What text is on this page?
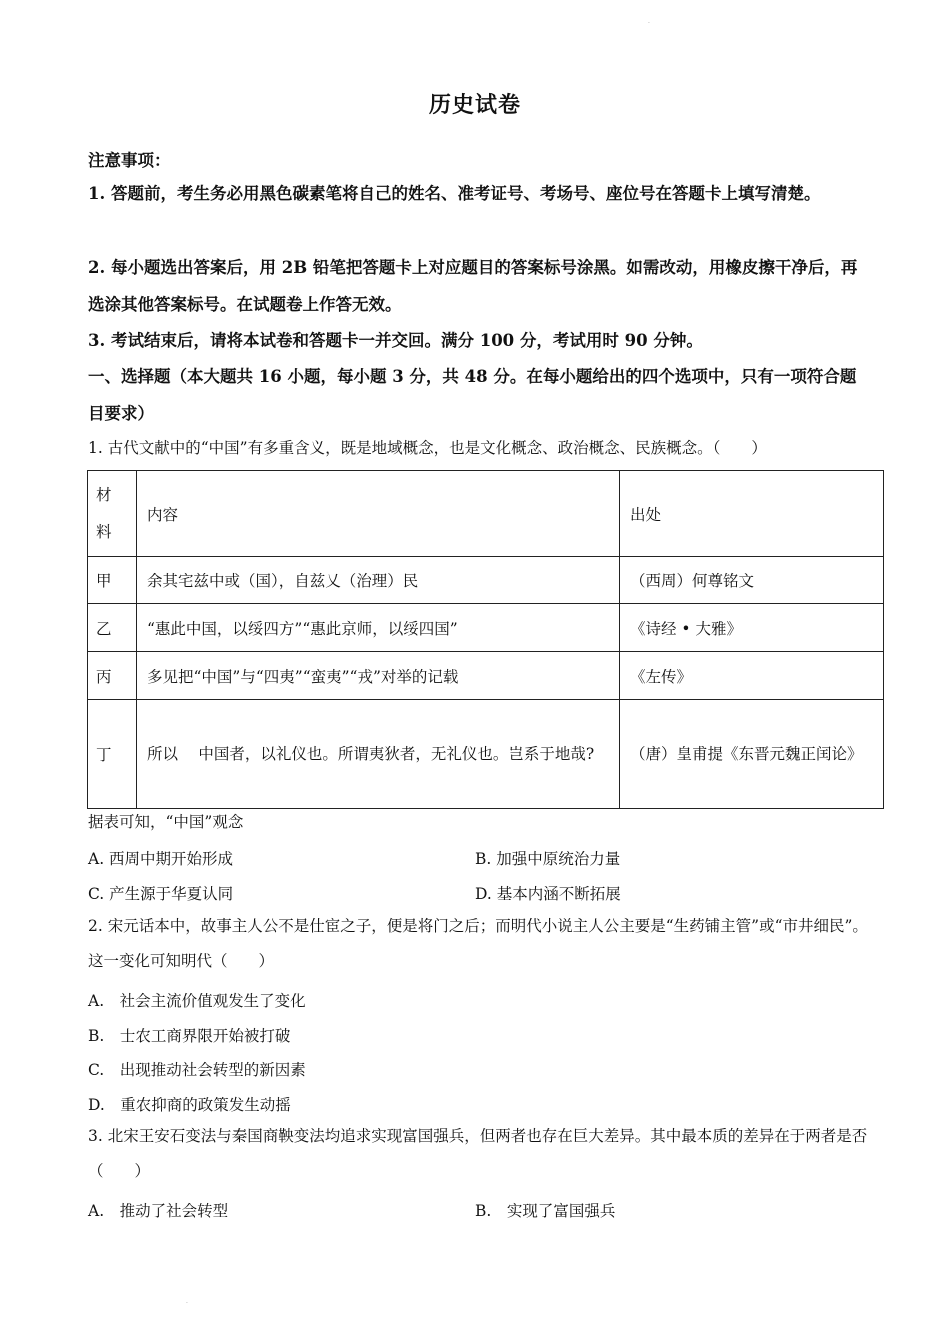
·
历史试卷
注意事项：
1. 答题前，考生务必用黑色碳素笔将自己的姓名、准考证号、考场号、座位号在答题卡上填写清楚。
2. 每小题选出答案后，用 2B 铅笔把答题卡上对应题目的答案标号涂黑。如需改动，用橡皮擦干净后，再选涂其他答案标号。在试题卷上作答无效。
3. 考试结束后，请将本试卷和答题卡一并交回。满分 100 分，考试用时 90 分钟。
一、选择题（本大题共 16 小题，每小题 3 分，共 48 分。在每小题给出的四个选项中，只有一项符合题目要求）
1. 古代文献中的“中国”有多重含义，既是地域概念，也是文化概念、政治概念、民族概念。（　　）
材料	内容	出处
甲	余其宅兹中或（国），自兹乂（治理）民	（西周）何尊铭文
乙	“惠此中国，以绥四方”“惠此京师，以绥四国”	《诗经 • 大雅》
丙	多见把“中国”与“四夷”“蛮夷”“戎”对举的记载	《左传》
丁	所以　 中国者，以礼仪也。所谓夷狄者，无礼仪也。岂系于地哉?	（唐）皇甫提《东晋元魏正闰论》
据表可知，“中国”观念
A. 西周中期开始形成	B. 加强中原统治力量
C. 产生源于华夏认同	D. 基本内涵不断拓展
2. 宋元话本中，故事主人公不是仕宦之子，便是将门之后；而明代小说主人公主要是“生药铺主管”或“市井细民”。这一变化可知明代（　　）
A.　社会主流价值观发生了变化
B.　士农工商界限开始被打破
C.　出现推动社会转型的新因素
D.　重农抑商的政策发生动摇
3. 北宋王安石变法与秦国商鞅变法均追求实现富国强兵，但两者也存在巨大差异。其中最本质的差异在于两者是否（　　）
A.　推动了社会转型	B.　实现了富国强兵
·
